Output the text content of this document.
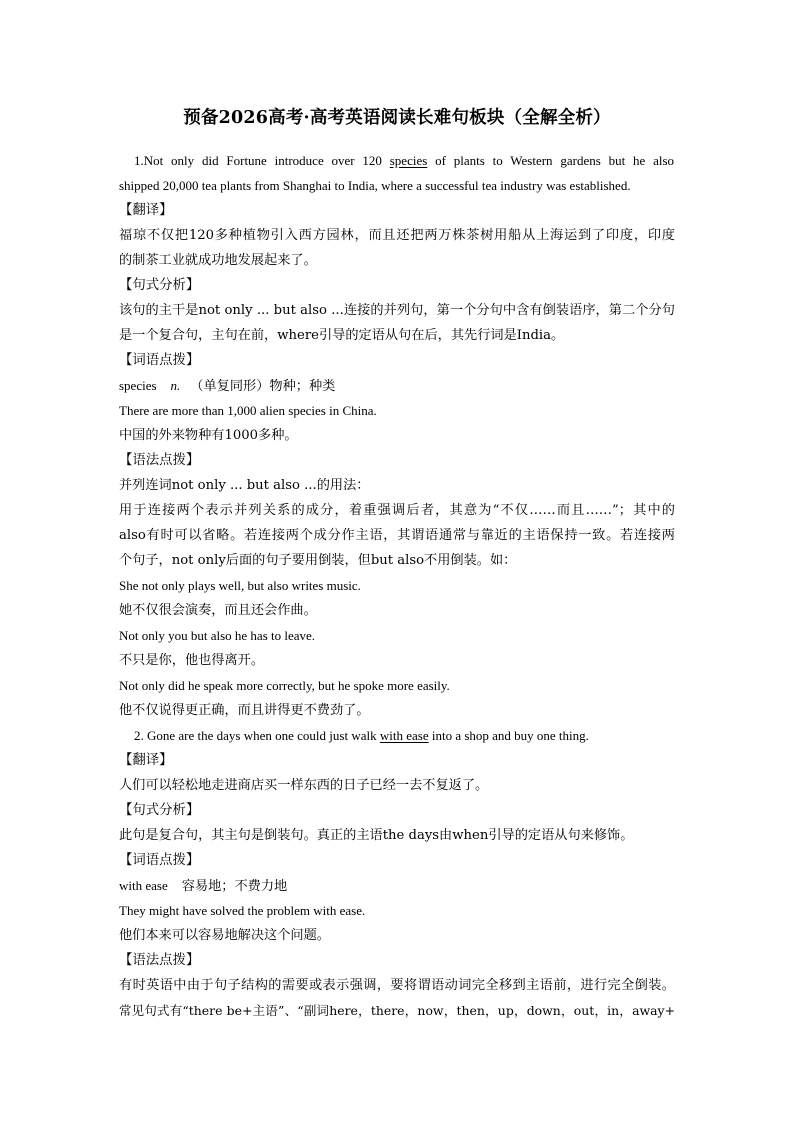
预备2026高考·高考英语阅读长难句板块（全解全析）
1.Not only did Fortune introduce over 120 species of plants to Western gardens but he also
shipped 20,000 tea plants from Shanghai to India, where a successful tea industry was established.
【翻译】
福琼不仅把120多种植物引入西方园林，而且还把两万株茶树用船从上海运到了印度，印度
的制茶工业就成功地发展起来了。
【句式分析】
该句的主干是not only ... but also ...连接的并列句，第一个分句中含有倒装语序，第二个分句
是一个复合句，主句在前，where引导的定语从句在后，其先行词是India。
【词语点拨】
species n. （单复同形）物种；种类
There are more than 1,000 alien species in China.
中国的外来物种有1000多种。
【语法点拨】
并列连词not only ... but also ...的用法：
用于连接两个表示并列关系的成分，着重强调后者，其意为“不仅……而且……”；其中的
also有时可以省略。若连接两个成分作主语，其谓语通常与靠近的主语保持一致。若连接两
个句子，not only后面的句子要用倒装，但but also不用倒装。如：
She not only plays well, but also writes music.
她不仅很会演奏，而且还会作曲。
Not only you but also he has to leave.
不只是你，他也得离开。
Not only did he speak more correctly, but he spoke more easily.
他不仅说得更正确，而且讲得更不费劲了。
2. Gone are the days when one could just walk with ease into a shop and buy one thing.
【翻译】
人们可以轻松地走进商店买一样东西的日子已经一去不复返了。
【句式分析】
此句是复合句，其主句是倒装句。真正的主语the days由when引导的定语从句来修饰。
【词语点拨】
with ease 容易地；不费力地
They might have solved the problem with ease.
他们本来可以容易地解决这个问题。
【语法点拨】
有时英语中由于句子结构的需要或表示强调，要将谓语动词完全移到主语前，进行完全倒装。
常见句式有“there be+主语”、“副词here，there，now，then，up，down，out，in，away+
